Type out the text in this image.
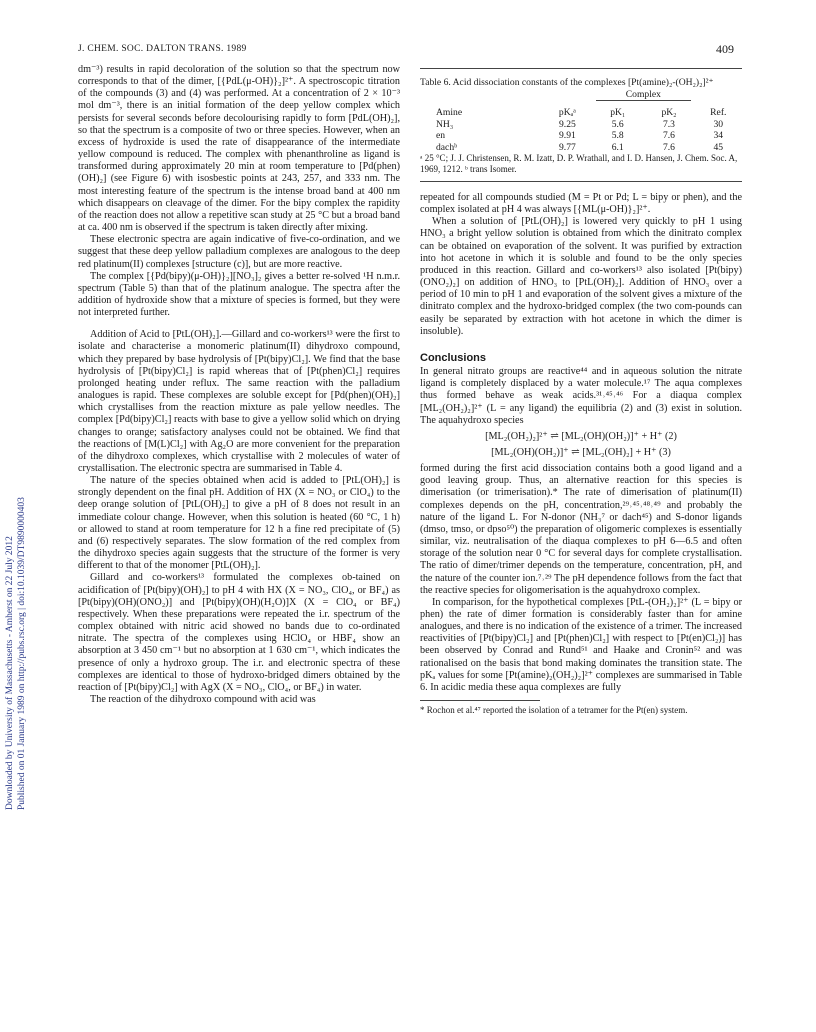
J. CHEM. SOC. DALTON TRANS. 1989	409
Downloaded by University of Massachusetts - Amherst on 22 July 2012 Published on 01 January 1989 on http://pubs.rsc.org | doi:10.1039/DT9890000403

dm⁻³) results in rapid decoloration of the solution so that the spectrum now corresponds to that of the dimer, [{PdL(μ-OH)}₂]²⁺. A spectroscopic titration of the compounds (3) and (4) was performed. At a concentration of 2 × 10⁻³ mol dm⁻³, there is an initial formation of the deep yellow complex which persists for several seconds before decolourising rapidly to form [PdL(OH)₂], so that the spectrum is a composite of two or three species. However, when an excess of hydroxide is used the rate of disappearance of the intermediate yellow compound is reduced. The complex with phenanthroline as ligand is transformed during approximately 20 min at room temperature to [Pd(phen)(OH)₂] (see Figure 6) with isosbestic points at 243, 257, and 333 nm. The most interesting feature of the spectrum is the intense broad band at 400 nm which disappears on cleavage of the dimer. For the bipy complex the rapidity of the reaction does not allow a repetitive scan study at 25 °C but a broad band at ca. 400 nm is observed if the spectrum is taken directly after mixing.

These electronic spectra are again indicative of five-co-ordination, and we suggest that these deep yellow palladium complexes are analogous to the deep red platinum(II) complexes [structure (c)], but are more reactive.

The complex [{Pd(bipy)(μ-OH)}₂][NO₃]₂ gives a better re-solved ¹H n.m.r. spectrum (Table 5) than that of the platinum analogue. The spectra after the addition of hydroxide show that a mixture of species is formed, but they were not interpreted further.

Addition of Acid to [PtL(OH)₂].—Gillard and co-workers¹³ were the first to isolate and characterise a monomeric platinum(II) dihydroxo compound, which they prepared by base hydrolysis of [Pt(bipy)Cl₂]. We find that the base hydrolysis of [Pt(bipy)Cl₂] is rapid whereas that of [Pt(phen)Cl₂] requires prolonged heating under reflux. The same reaction with the palladium analogues is rapid. These complexes are soluble except for [Pd(phen)(OH)₂] which crystallises from the reaction mixture as pale yellow needles. The complex [Pd(bipy)Cl₂] reacts with base to give a yellow solid which on drying changes to orange; satisfactory analyses could not be obtained. We find that the reactions of [M(L)Cl₂] with Ag₂O are more convenient for the preparation of the dihydroxo complexes, which crystallise with 2 molecules of water of crystallisation. The electronic spectra are summarised in Table 4.

The nature of the species obtained when acid is added to [PtL(OH)₂] is strongly dependent on the final pH. Addition of HX (X = NO₃ or ClO₄) to the deep orange solution of [PtL(OH)₂] to give a pH of 8 does not result in an immediate colour change. However, when this solution is heated (60 °C, 1 h) or allowed to stand at room temperature for 12 h a fine red precipitate of (5) and (6) respectively separates. The slow formation of the red complex from the dihydroxo species again suggests that the structure of the former is very different to that of the monomer [PtL(OH)₂].

Gillard and co-workers¹³ formulated the complexes ob-tained on acidification of [Pt(bipy)(OH)₂] to pH 4 with HX (X = NO₃, ClO₄, or BF₄) as [Pt(bipy)(OH)(ONO₂)] and [Pt(bipy)(OH)(H₂O)]X (X = ClO₄ or BF₄) respectively. When these preparations were repeated the i.r. spectrum of the complex obtained with nitric acid showed no bands due to co-ordinated nitrate. The spectra of the complexes using HClO₄ or HBF₄ show an absorption at 3 450 cm⁻¹ but no absorption at 1 630 cm⁻¹, which indicates the presence of only a hydroxo group. The i.r. and electronic spectra of these complexes are identical to those of hydroxo-bridged dimers obtained by the reaction of [Pt(bipy)Cl₂] with AgX (X = NO₃, ClO₄, or BF₄) in water.

The reaction of the dihydroxo compound with acid was

Table 6. Acid dissociation constants of the complexes [Pt(amine)₂-(OH₂)₂]²⁺

		Complex		

Amine	pKₐᵃ	pK₁	pK₂	Ref.
NH₃	9.25	5.6	7.3	30
en	9.91	5.8	7.6	34
dachᵇ	9.77	6.1	7.6	45

ᵃ 25 °C; J. J. Christensen, R. M. Izatt, D. P. Wrathall, and I. D. Hansen, J. Chem. Soc. A, 1969, 1212. ᵇ trans Isomer.

repeated for all compounds studied (M = Pt or Pd; L = bipy or phen), and the complex isolated at pH 4 was always [{ML(μ-OH)}₂]²⁺.

When a solution of [PtL(OH)₂] is lowered very quickly to pH 1 using HNO₃ a bright yellow solution is obtained from which the dinitrato complex can be obtained on evaporation of the solvent. It was purified by extraction into hot acetone in which it is soluble and found to be the only species produced in this reaction. Gillard and co-workers¹³ also isolated [Pt(bipy)(ONO₂)₂] on addition of HNO₃ to [PtL(OH)₂]. Addition of HNO₃ over a period of 10 min to pH 1 and evaporation of the solvent gives a mixture of the dinitrato complex and the hydroxo-bridged complex (the two com-pounds can easily be separated by extraction with hot acetone in which the dimer is insoluble).

Conclusions

In general nitrato groups are reactive⁴⁴ and in aqueous solution the nitrate ligand is completely displaced by a water molecule.¹⁷ The aqua complexes thus formed behave as weak acids.³¹˒⁴⁵˒⁴⁶ For a diaqua complex [ML₂(OH₂)₂]²⁺ (L = any ligand) the equilibria (2) and (3) exist in solution. The aquahydroxo species

[ML₂(OH₂)₂]²⁺ ⇌ [ML₂(OH)(OH₂)]⁺ + H⁺ (2)
[ML₂(OH)(OH₂)]⁺ ⇌ [ML₂(OH)₂] + H⁺ (3)

formed during the first acid dissociation contains both a good ligand and a good leaving group. Thus, an alternative reaction for this species is dimerisation (or trimerisation).* The rate of dimerisation of platinum(II) complexes depends on the pH, concentration,²⁹˒⁴⁵˒⁴⁸˒⁴⁹ and probably the nature of the ligand L. For N-donor (NH₃⁷ or dach⁴⁵) and S-donor ligands (dmso, tmso, or dpso⁵⁰) the preparation of oligomeric complexes is essentially similar, viz. neutralisation of the diaqua complexes to pH 6—6.5 and often storage of the solution near 0 °C for several days for complete crystallisation. The ratio of dimer/trimer depends on the temperature, concentration, pH, and the nature of the counter ion.⁷˒²⁹ The pH dependence follows from the fact that the reactive species for oligomerisation is the aquahydroxo complex.

In comparison, for the hypothetical complexes [PtL-(OH₂)₂]²⁺ (L = bipy or phen) the rate of dimer formation is considerably faster than for amine analogues, and there is no indication of the existence of a trimer. The increased reactivities of [Pt(bipy)Cl₂] and [Pt(phen)Cl₂] with respect to [Pt(en)Cl₂)] has been observed by Conrad and Rund⁵¹ and Haake and Cronin⁵² and was rationalised on the basis that bond making dominates the transition state. The pKₐ values for some [Pt(amine)₂(OH₂)₂]²⁺ complexes are summarised in Table 6. In acidic media these aqua complexes are fully

* Rochon et al.⁴⁷ reported the isolation of a tetramer for the Pt(en) system.
